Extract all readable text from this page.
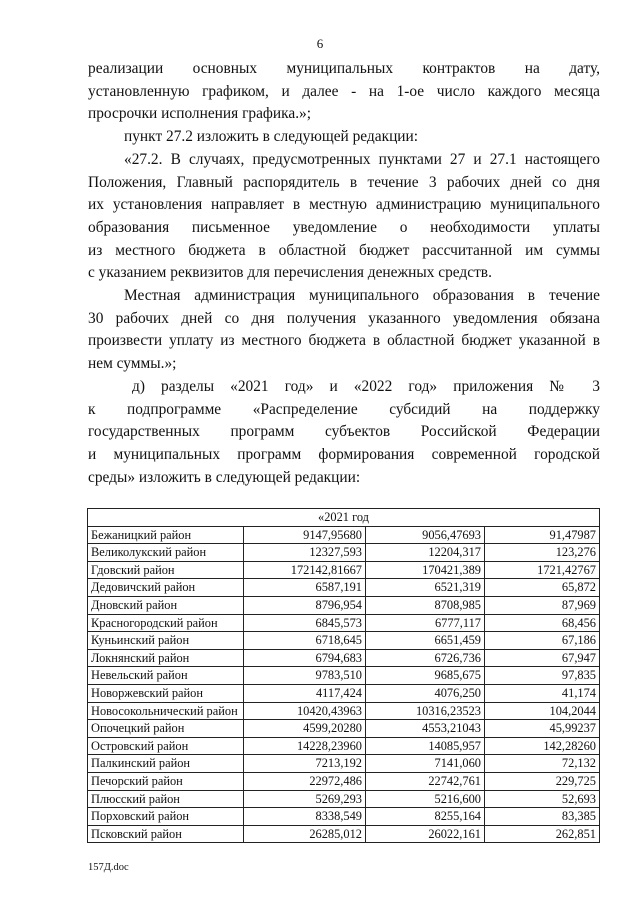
6

реализации основных муниципальных контрактов на дату,

установленную графиком, и далее - на 1-ое число каждого месяца

просрочки исполнения графика.»;

пункт 27.2 изложить в следующей редакции:

«27.2. В случаях, предусмотренных пунктами 27 и 27.1 настоящего

Положения, Главный распорядитель в течение 3 рабочих дней со дня

их установления направляет в местную администрацию муниципального

образования письменное уведомление о необходимости уплаты

из местного бюджета в областной бюджет рассчитанной им суммы

с указанием реквизитов для перечисления денежных средств.

Местная администрация муниципального образования в течение

30 рабочих дней со дня получения указанного уведомления обязана

произвести уплату из местного бюджета в областной бюджет указанной в

нем суммы.»;

д) разделы «2021 год» и «2022 год» приложения № 3

к подпрограмме «Распределение субсидий на поддержку

государственных программ субъектов Российской Федерации

и муниципальных программ формирования современной городской

среды» изложить в следующей редакции:

«2021 год			
Бежаницкий район	9147,95680	9056,47693	91,47987
Великолукский район	12327,593	12204,317	123,276
Гдовский район	172142,81667	170421,389	1721,42767
Дедовичский район	6587,191	6521,319	65,872
Дновский район	8796,954	8708,985	87,969
Красногородский район	6845,573	6777,117	68,456
Куньинский район	6718,645	6651,459	67,186
Локнянский район	6794,683	6726,736	67,947
Невельский район	9783,510	9685,675	97,835
Новоржевский район	4117,424	4076,250	41,174
Новосокольнический район	10420,43963	10316,23523	104,2044
Опочецкий район	4599,20280	4553,21043	45,99237
Островский район	14228,23960	14085,957	142,28260
Палкинский район	7213,192	7141,060	72,132
Печорский район	22972,486	22742,761	229,725
Плюсский район	5269,293	5216,600	52,693
Порховский район	8338,549	8255,164	83,385
Псковский район	26285,012	26022,161	262,851
157Д.doc
